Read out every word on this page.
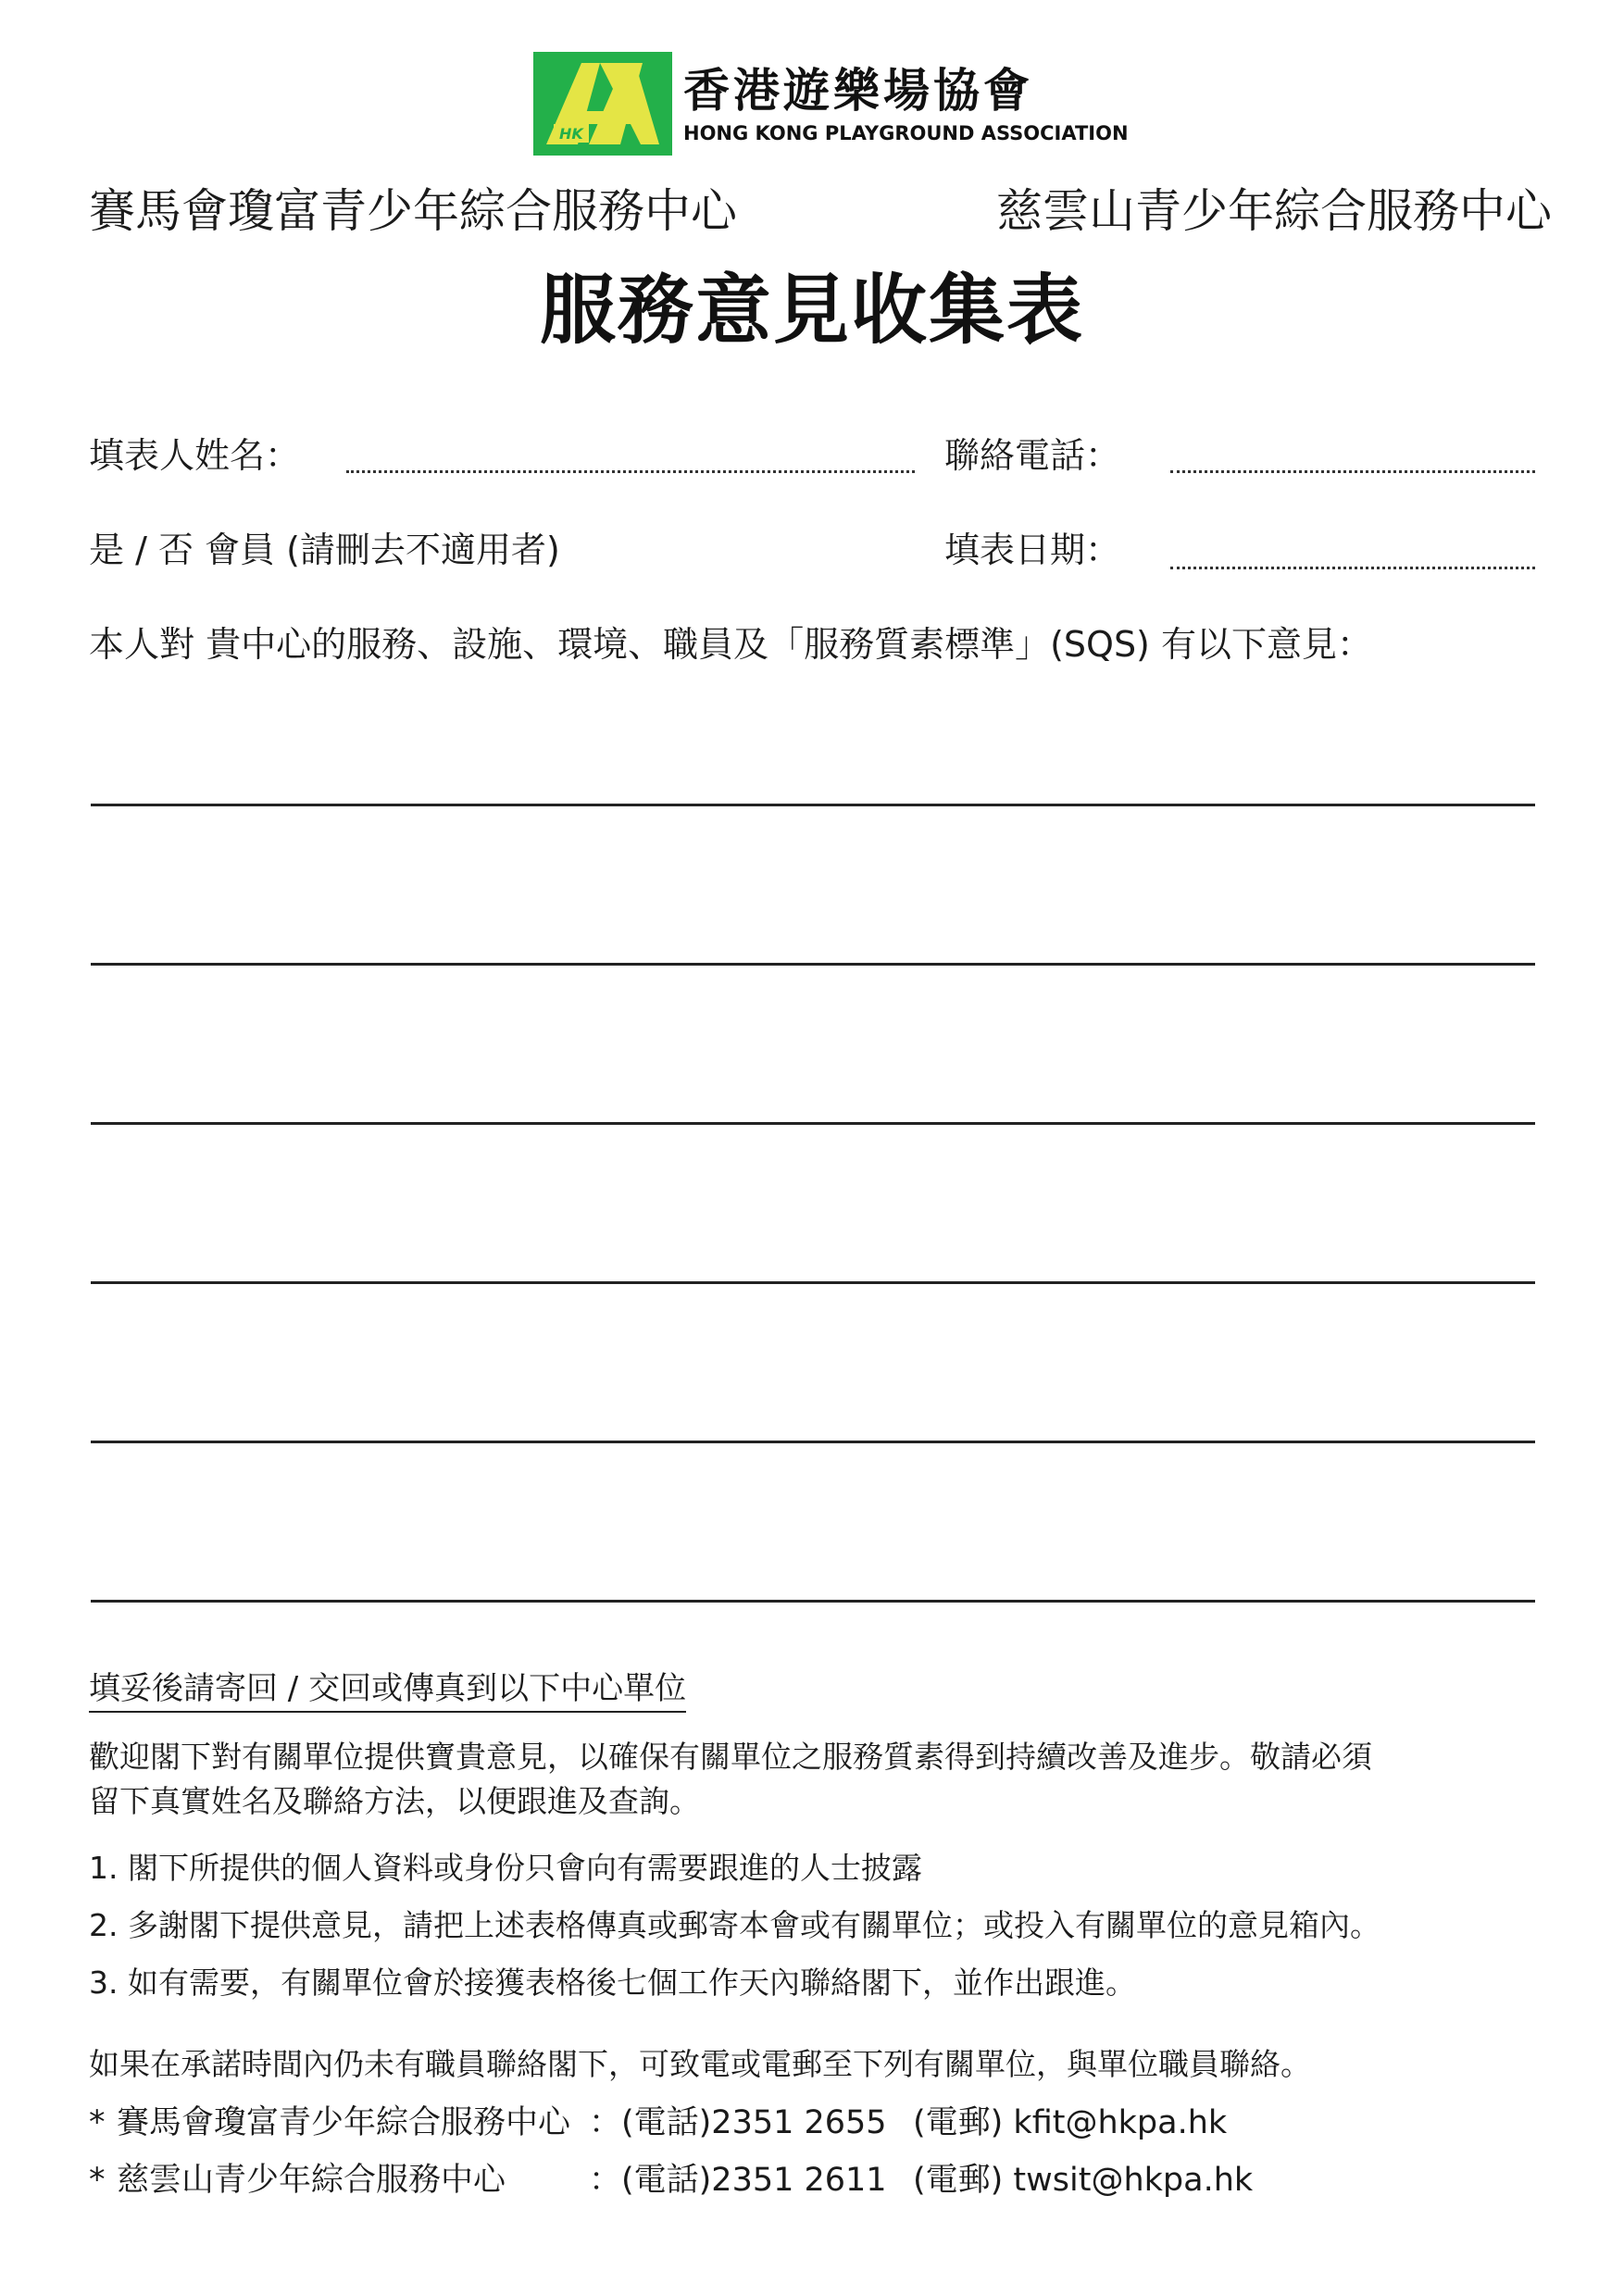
HK
香港遊樂場協會
HONG KONG PLAYGROUND ASSOCIATION
賽馬會瓊富青少年綜合服務中心	慈雲山青少年綜合服務中心
服務意見收集表
填表人姓名：	聯絡電話：
是 / 否 會員 (請刪去不適用者)	填表日期：
本人對 貴中心的服務、設施、環境、職員及「服務質素標準」(SQS) 有以下意見：
填妥後請寄回 / 交回或傳真到以下中心單位
歡迎閣下對有關單位提供寶貴意見，以確保有關單位之服務質素得到持續改善及進步。敬請必須
留下真實姓名及聯絡方法，以便跟進及查詢。
1. 閣下所提供的個人資料或身份只會向有需要跟進的人士披露
2. 多謝閣下提供意見，請把上述表格傳真或郵寄本會或有關單位；或投入有關單位的意見箱內。
3. 如有需要，有關單位會於接獲表格後七個工作天內聯絡閣下，並作出跟進。
如果在承諾時間內仍未有職員聯絡閣下，可致電或電郵至下列有關單位，與單位職員聯絡。
* 賽馬會瓊富青少年綜合服務中心 ：(電話)2351 2655 (電郵) kfit@hkpa.hk
* 慈雲山青少年綜合服務中心	：(電話)2351 2611 (電郵) twsit@hkpa.hk
